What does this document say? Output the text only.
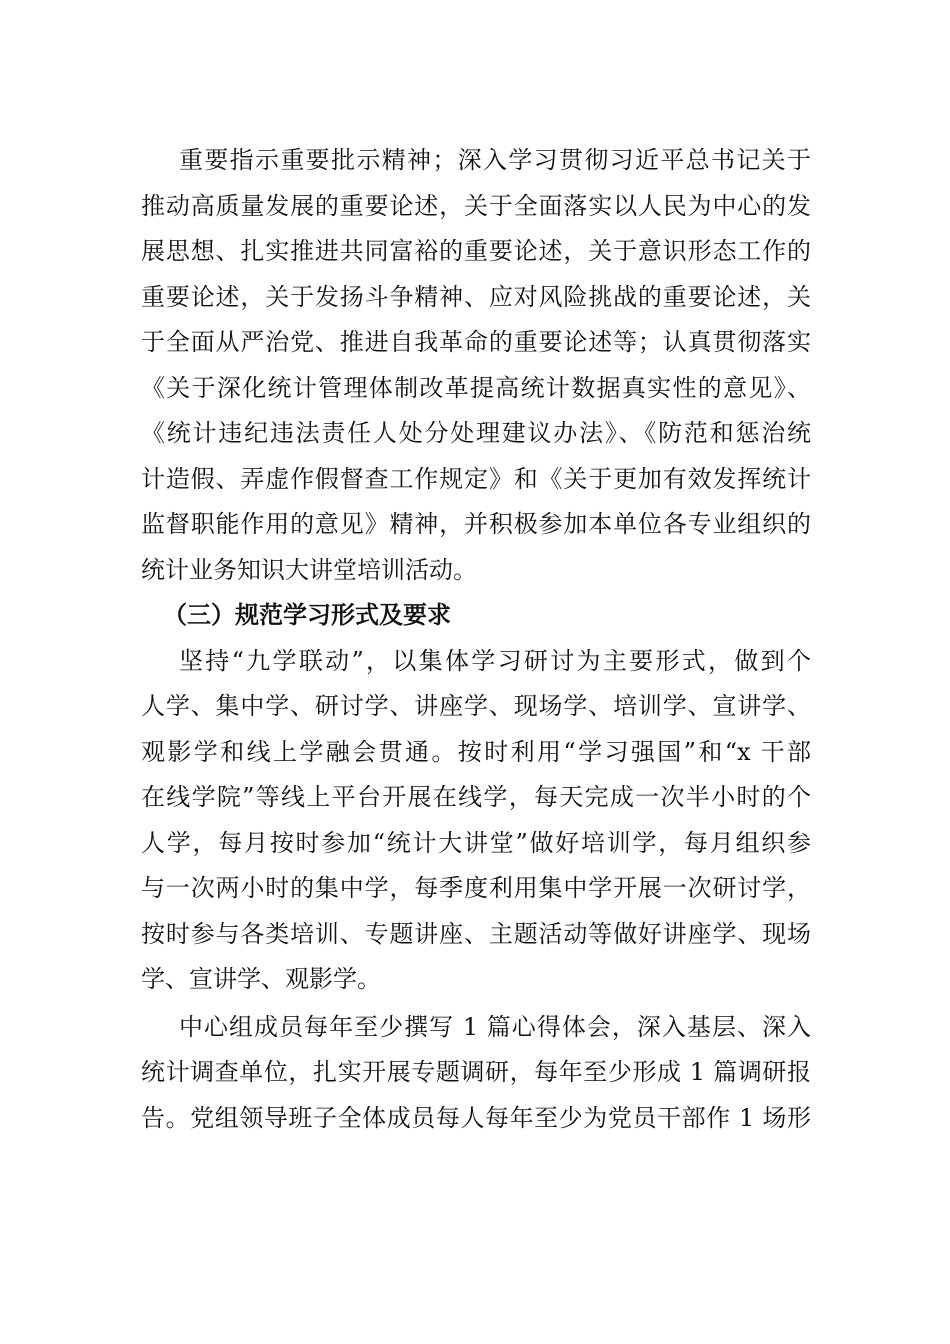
重要指示重要批示精神；深入学习贯彻习近平总书记关于
推动高质量发展的重要论述，关于全面落实以人民为中心的发
展思想、扎实推进共同富裕的重要论述，关于意识形态工作的
重要论述，关于发扬斗争精神、应对风险挑战的重要论述，关
于全面从严治党、推进自我革命的重要论述等；认真贯彻落实
《关于深化统计管理体制改革提高统计数据真实性的意见》、
《统计违纪违法责任人处分处理建议办法》、《防范和惩治统
计造假、弄虚作假督查工作规定》和《关于更加有效发挥统计
监督职能作用的意见》精神，并积极参加本单位各专业组织的
统计业务知识大讲堂培训活动。
（三）规范学习形式及要求
坚持“九学联动”，以集体学习研讨为主要形式，做到个
人学、集中学、研讨学、讲座学、现场学、培训学、宣讲学、
观影学和线上学融会贯通。按时利用“学习强国”和“x 干部
在线学院”等线上平台开展在线学，每天完成一次半小时的个
人学，每月按时参加“统计大讲堂”做好培训学，每月组织参
与一次两小时的集中学，每季度利用集中学开展一次研讨学，
按时参与各类培训、专题讲座、主题活动等做好讲座学、现场
学、宣讲学、观影学。
中心组成员每年至少撰写 1 篇心得体会，深入基层、深入
统计调查单位，扎实开展专题调研，每年至少形成 1 篇调研报
告。党组领导班子全体成员每人每年至少为党员干部作 1 场形
